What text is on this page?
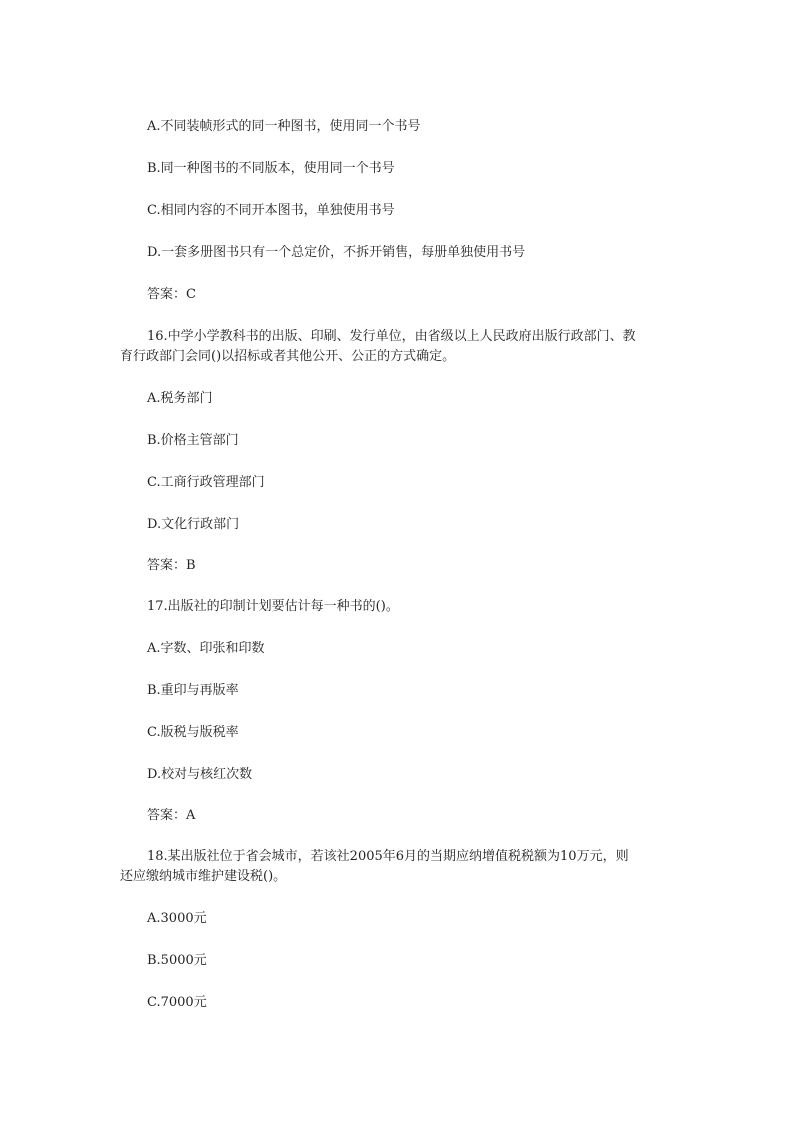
A.不同装帧形式的同一种图书，使用同一个书号
B.同一种图书的不同版本，使用同一个书号
C.相同内容的不同开本图书，单独使用书号
D.一套多册图书只有一个总定价，不拆开销售，每册单独使用书号
答案：C
16.中学小学教科书的出版、印刷、发行单位，由省级以上人民政府出版行政部门、教
育行政部门会同()以招标或者其他公开、公正的方式确定。
A.税务部门
B.价格主管部门
C.工商行政管理部门
D.文化行政部门
答案：B
17.出版社的印制计划要估计每一种书的()。
A.字数、印张和印数
B.重印与再版率
C.版税与版税率
D.校对与核红次数
答案：A
18.某出版社位于省会城市，若该社2005年6月的当期应纳增值税税额为10万元，则
还应缴纳城市维护建设税()。
A.3000元
B.5000元
C.7000元
